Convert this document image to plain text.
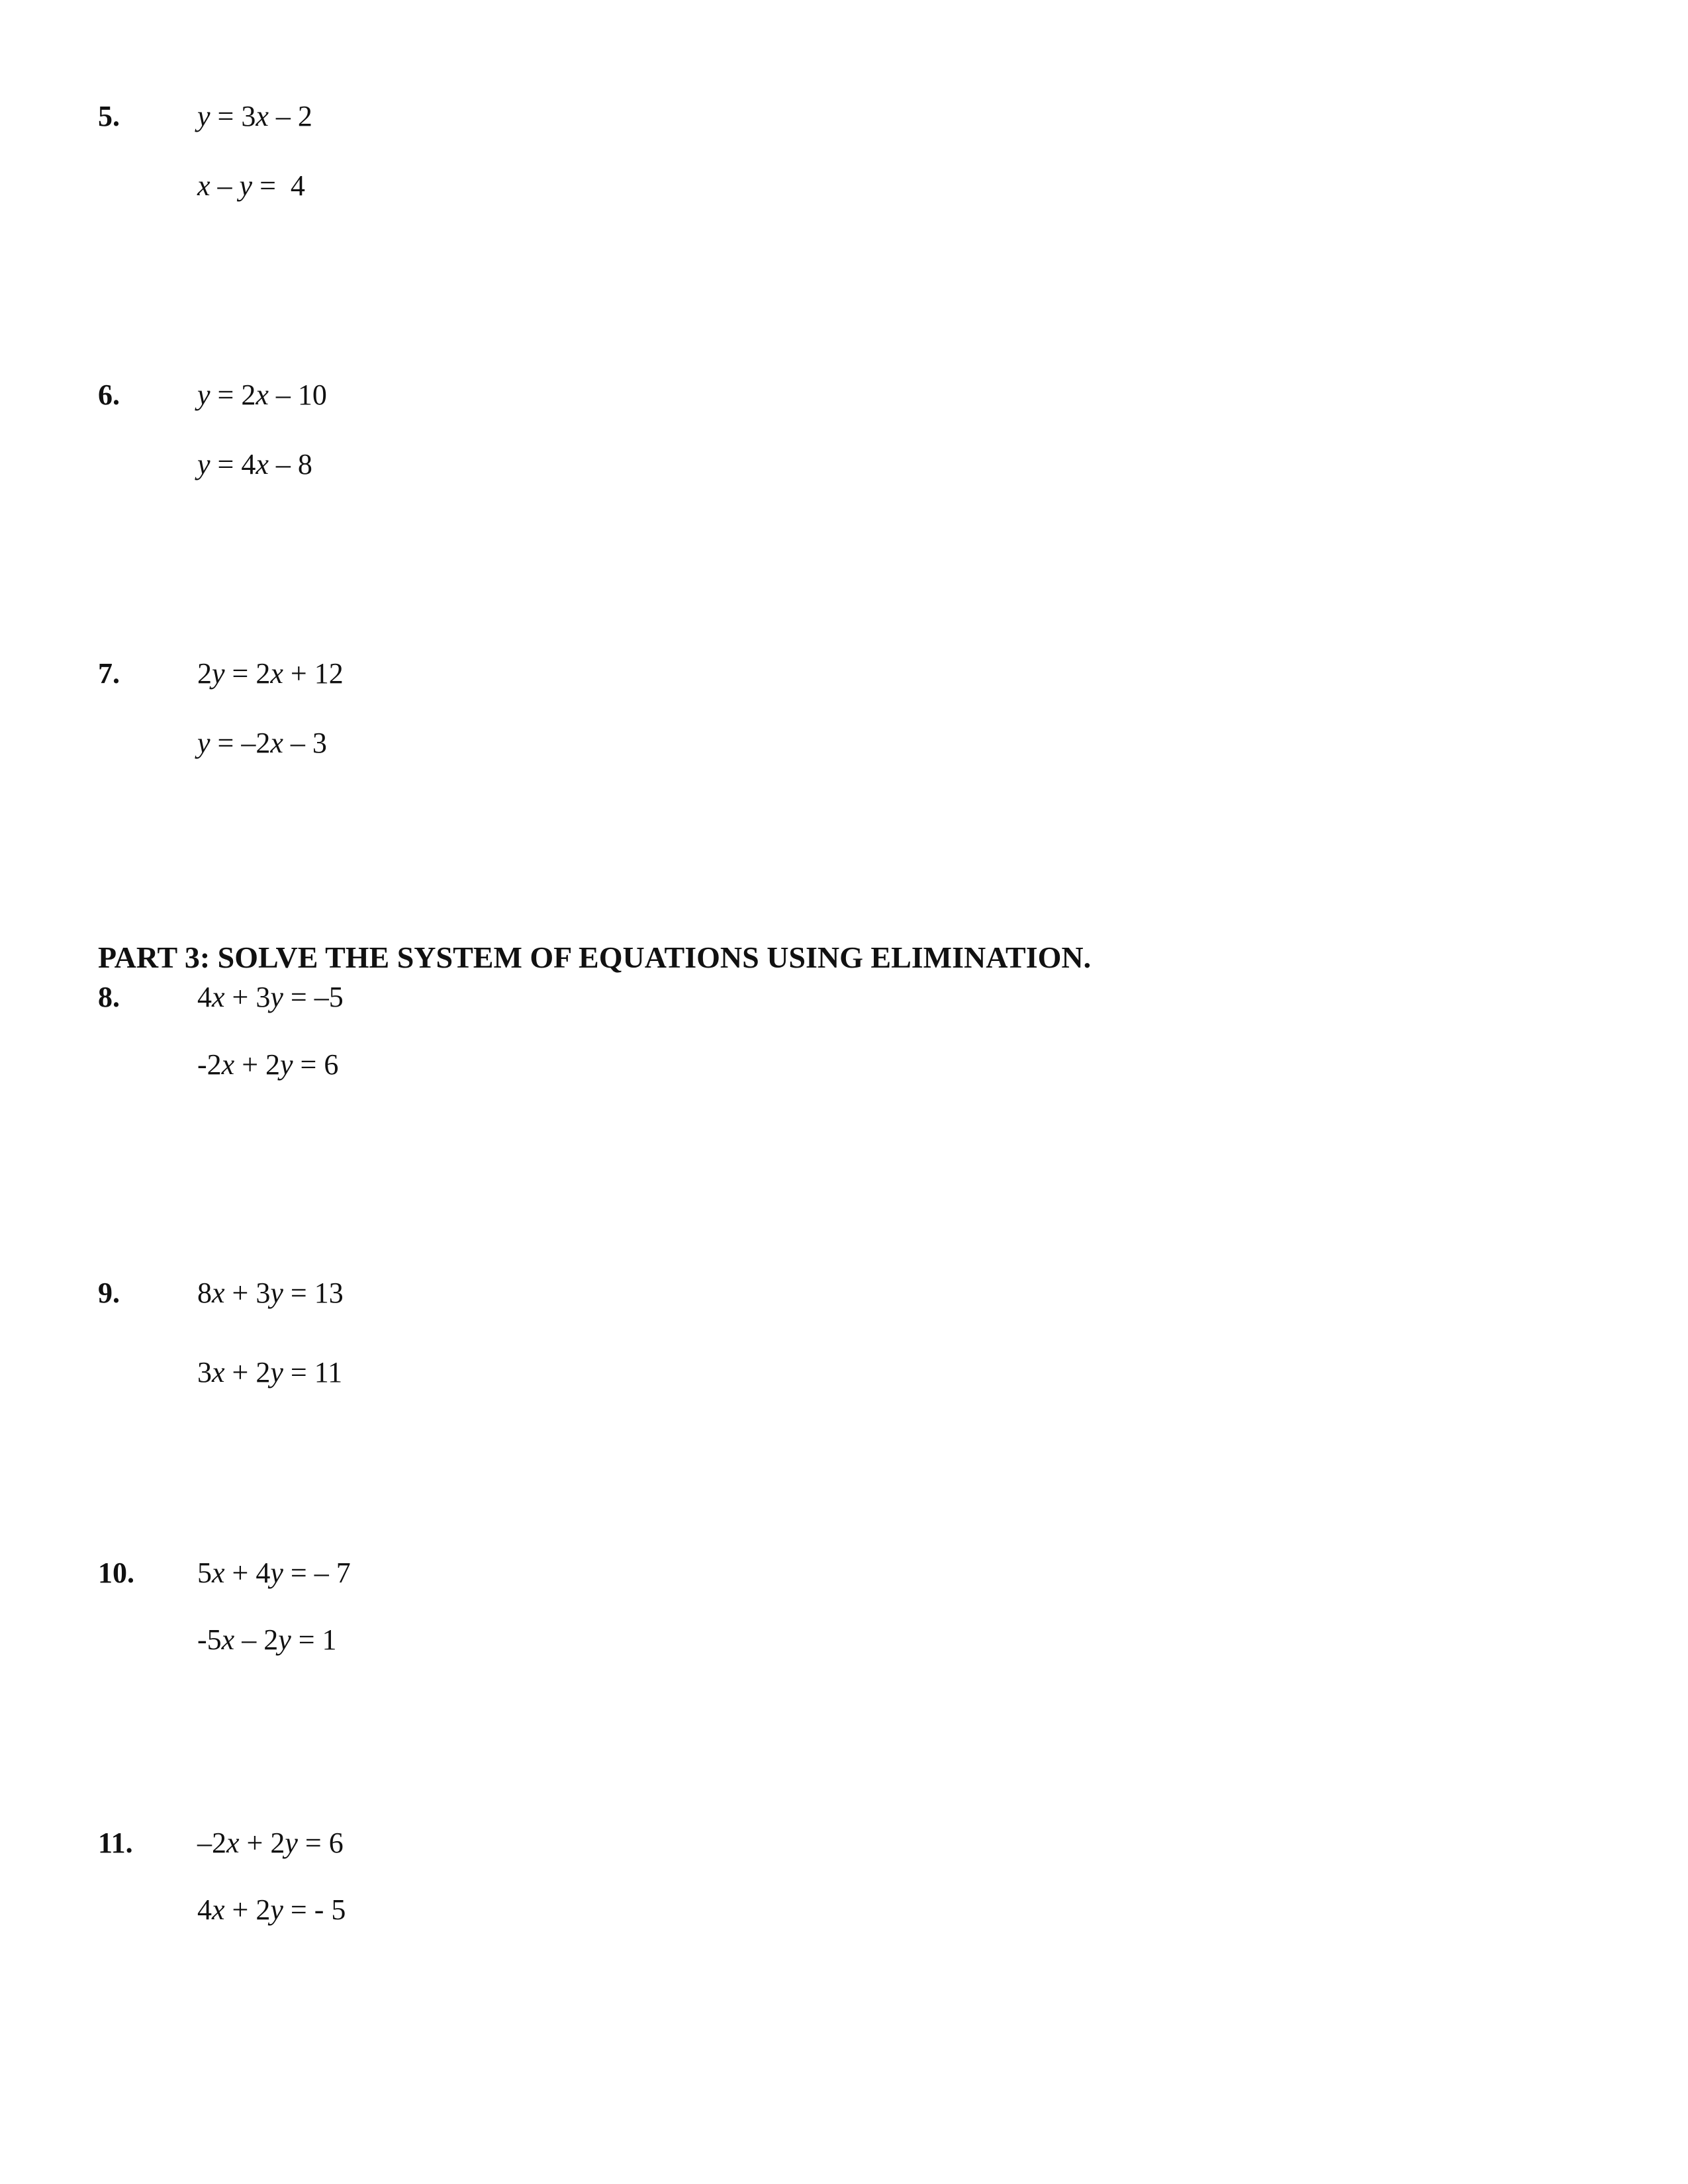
5.	y = 3x – 2
x – y =  4
6.	y = 2x – 10
y = 4x – 8
7.	2y = 2x + 12
y = –2x – 3
PART 3: SOLVE THE SYSTEM OF EQUATIONS USING ELIMINATION.
8.	4x + 3y = –5
-2x + 2y = 6
9.	8x + 3y = 13
3x + 2y = 11
10. 5x + 4y = – 7
-5x – 2y = 1
11. –2x + 2y = 6
4x + 2y = - 5
